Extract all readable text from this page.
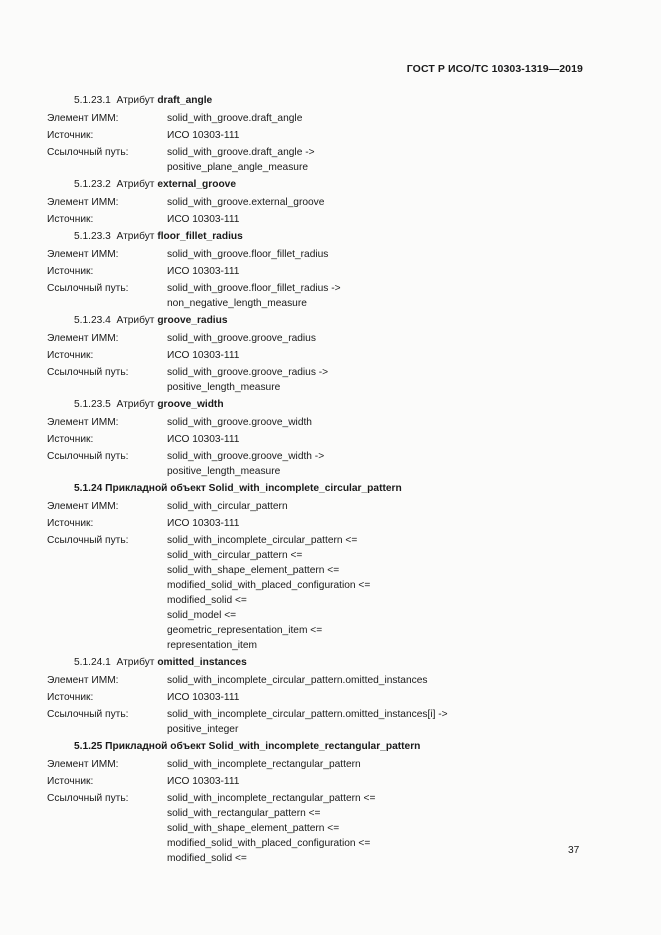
ГОСТ Р ИСО/ТС 10303-1319—2019
5.1.23.1 Атрибут draft_angle
Элемент ИММ:	solid_with_groove.draft_angle
Источник:	ИСО 10303-111
Ссылочный путь:	solid_with_groove.draft_angle ->
positive_plane_angle_measure
5.1.23.2 Атрибут external_groove
Элемент ИММ:	solid_with_groove.external_groove
Источник:	ИСО 10303-111
5.1.23.3 Атрибут floor_fillet_radius
Элемент ИММ:	solid_with_groove.floor_fillet_radius
Источник:	ИСО 10303-111
Ссылочный путь:	solid_with_groove.floor_fillet_radius ->
non_negative_length_measure
5.1.23.4 Атрибут groove_radius
Элемент ИММ:	solid_with_groove.groove_radius
Источник:	ИСО 10303-111
Ссылочный путь:	solid_with_groove.groove_radius ->
positive_length_measure
5.1.23.5 Атрибут groove_width
Элемент ИММ:	solid_with_groove.groove_width
Источник:	ИСО 10303-111
Ссылочный путь:	solid_with_groove.groove_width ->
positive_length_measure
5.1.24 Прикладной объект Solid_with_incomplete_circular_pattern
Элемент ИММ:	solid_with_circular_pattern
Источник:	ИСО 10303-111
Ссылочный путь:	solid_with_incomplete_circular_pattern <=
solid_with_circular_pattern <=
solid_with_shape_element_pattern <=
modified_solid_with_placed_configuration <=
modified_solid <=
solid_model <=
geometric_representation_item <=
representation_item
5.1.24.1 Атрибут omitted_instances
Элемент ИММ:	solid_with_incomplete_circular_pattern.omitted_instances
Источник:	ИСО 10303-111
Ссылочный путь:	solid_with_incomplete_circular_pattern.omitted_instances[i] ->
positive_integer
5.1.25 Прикладной объект Solid_with_incomplete_rectangular_pattern
Элемент ИММ:	solid_with_incomplete_rectangular_pattern
Источник:	ИСО 10303-111
Ссылочный путь:	solid_with_incomplete_rectangular_pattern <=
solid_with_rectangular_pattern <=
solid_with_shape_element_pattern <=
modified_solid_with_placed_configuration <=
modified_solid <=
37
